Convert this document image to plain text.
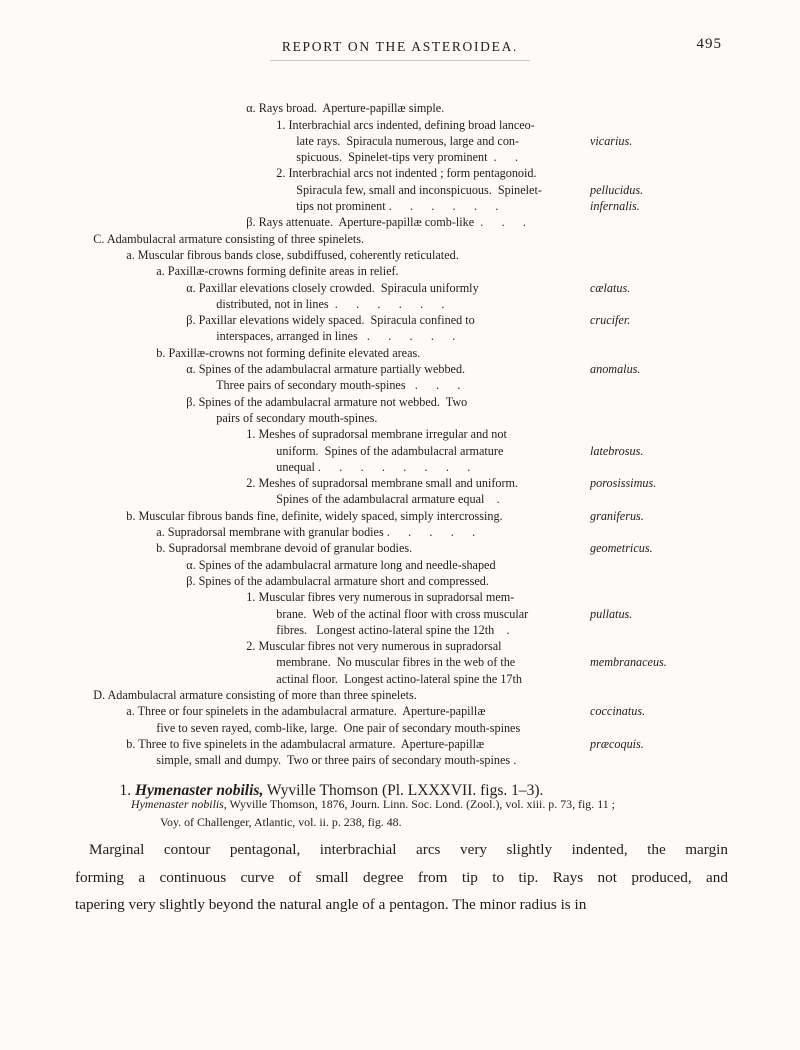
REPORT ON THE ASTEROIDEA.	495

α. Rays broad.  Aperture-papillæ simple.

1. Interbrachial arcs indented, defining broad lanceo-

late rays.  Spiracula numerous, large and con-

spicuous.  Spinelet-tips very prominent  .      .

vicarius.

2. Interbrachial arcs not indented ; form pentagonoid.

Spiracula few, small and inconspicuous.  Spinelet-

tips not prominent .      .      .      .      .      .

pellucidus.

β. Rays attenuate.  Aperture-papillæ comb-like  .      .      .

infernalis.

C. Adambulacral armature consisting of three spinelets.

a. Muscular fibrous bands close, subdiffused, coherently reticulated.

a. Paxillæ-crowns forming definite areas in relief.

α. Paxillar elevations closely crowded.  Spiracula uniformly

distributed, not in lines  .      .      .      .      .      .

cælatus.

β. Paxillar elevations widely spaced.  Spiracula confined to

interspaces, arranged in lines   .      .      .      .      .

crucifer.

b. Paxillæ-crowns not forming definite elevated areas.

α. Spines of the adambulacral armature partially webbed.

Three pairs of secondary mouth-spines   .      .      .

anomalus.

β. Spines of the adambulacral armature not webbed.  Two

pairs of secondary mouth-spines.

1. Meshes of supradorsal membrane irregular and not

uniform.  Spines of the adambulacral armature

unequal .      .      .      .      .      .      .      .

latebrosus.

2. Meshes of supradorsal membrane small and uniform.

Spines of the adambulacral armature equal    .

porosissimus.

b. Muscular fibrous bands fine, definite, widely spaced, simply intercrossing.

a. Supradorsal membrane with granular bodies .      .      .      .      .

graniferus.

b. Supradorsal membrane devoid of granular bodies.

α. Spines of the adambulacral armature long and needle-shaped

geometricus.

β. Spines of the adambulacral armature short and compressed.

1. Muscular fibres very numerous in supradorsal mem-

brane.  Web of the actinal floor with cross muscular

fibres.   Longest actino-lateral spine the 12th    .

pullatus.

2. Muscular fibres not very numerous in supradorsal

membrane.  No muscular fibres in the web of the

actinal floor.  Longest actino-lateral spine the 17th

membranaceus.

D. Adambulacral armature consisting of more than three spinelets.

a. Three or four spinelets in the adambulacral armature.  Aperture-papillæ

five to seven rayed, comb-like, large.  One pair of secondary mouth-spines

coccinatus.

b. Three to five spinelets in the adambulacral armature.  Aperture-papillæ

simple, small and dumpy.  Two or three pairs of secondary mouth-spines .

præcoquis.

1. Hymenaster nobilis, Wyville Thomson (Pl. LXXXVII. figs. 1–3).

Hymenaster nobilis, Wyville Thomson, 1876, Journ. Linn. Soc. Lond. (Zool.), vol. xiii. p. 73, fig. 11 ;
Voy. of Challenger, Atlantic, vol. ii. p. 238, fig. 48.
Marginal contour pentagonal, interbrachial arcs very slightly indented, the margin
forming a continuous curve of small degree from tip to tip. Rays not produced, and
tapering very slightly beyond the natural angle of a pentagon. The minor radius is in
